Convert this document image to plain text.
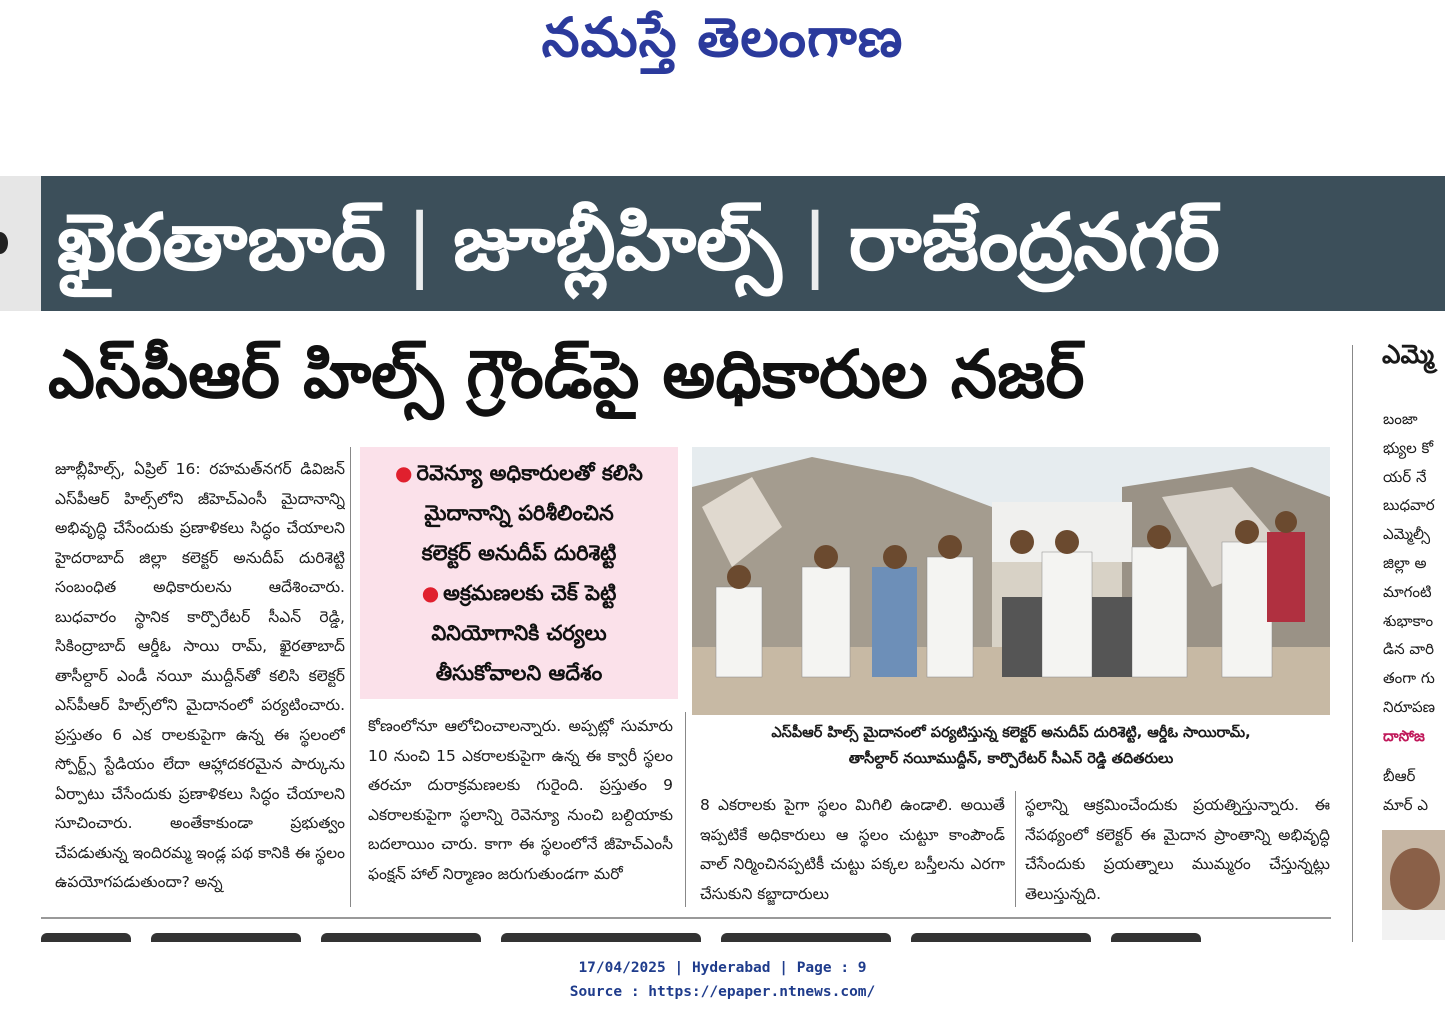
నమస్తే తెలంగాణ
ఖైరతాబాద్ | జూబ్లీహిల్స్ | రాజేంద్రనగర్
ఎస్‌పీఆర్ హిల్స్ గ్రౌండ్‌పై అధికారుల నజర్

జూబ్లీహిల్స్, ఏప్రిల్ 16: రహమత్‌నగర్ డివిజన్ ఎస్‌పీఆర్ హిల్స్‌లోని జీహెచ్‌ఎంసీ మైదానాన్ని అభివృద్ధి చేసేందుకు ప్రణాళికలు సిద్ధం చేయాలని హైదరాబాద్ జిల్లా కలెక్టర్ అనుదీప్ దురిశెట్టి సంబంధిత అధికారులను ఆదేశించారు. బుధవారం స్థానిక కార్పొరేటర్ సీఎన్ రెడ్డి, సికింద్రాబాద్ ఆర్డీఓ సాయి రామ్, ఖైరతాబాద్ తాసీల్దార్ ఎండీ నయీ ముద్దీన్‌తో కలిసి కలెక్టర్ ఎస్‌పీఆర్ హిల్స్‌లోని మైదానంలో పర్యటించారు. ప్రస్తుతం 6 ఎక రాలకుపైగా ఉన్న ఈ స్థలంలో స్పోర్ట్స్ స్టేడియం లేదా ఆహ్లాదకరమైన పార్కును ఏర్పాటు చేసేందుకు ప్రణాళికలు సిద్ధం చేయాలని సూచించారు. అంతేకాకుండా ప్రభుత్వం చేపడుతున్న ఇందిరమ్మ ఇండ్ల పథ కానికి ఈ స్థలం ఉపయోగపడుతుందా? అన్న

● రెవెన్యూ అధికారులతో కలిసి
మైదానాన్ని పరిశీలించిన
కలెక్టర్ అనుదీప్ దురిశెట్టి
● అక్రమణలకు చెక్ పెట్టి
వినియోగానికి చర్యలు
తీసుకోవాలని ఆదేశం

కోణంలోనూ ఆలోచించాలన్నారు. అప్పట్లో సుమారు 10 నుంచి 15 ఎకరాలకుపైగా ఉన్న ఈ క్వారీ స్థలం తరచూ దురాక్రమణలకు గురైంది. ప్రస్తుతం 9 ఎకరాలకుపైగా స్థలాన్ని రెవెన్యూ నుంచి బల్దియాకు బదలాయిం చారు. కాగా ఈ స్థలంలోనే జీహెచ్‌ఎంసీ ఫంక్షన్ హాల్ నిర్మాణం జరుగుతుండగా మరో

ఎస్‌పీఆర్ హిల్స్ మైదానంలో పర్యటిస్తున్న కలెక్టర్ అనుదీప్ దురిశెట్టి, ఆర్డీఓ సాయిరామ్,
తాసీల్దార్ నయీముద్దీన్, కార్పొరేటర్ సీఎన్ రెడ్డి తదితరులు

8 ఎకరాలకు పైగా స్థలం మిగిలి ఉండాలి. అయితే ఇప్పటికే అధికారులు ఆ స్థలం చుట్టూ కాంపౌండ్ వాల్ నిర్మించినప్పటికీ చుట్టు పక్కల బస్తీలను ఎరగా చేసుకుని కబ్జాదారులు

స్థలాన్ని ఆక్రమించేందుకు ప్రయత్నిస్తున్నారు. ఈ నేపథ్యంలో కలెక్టర్ ఈ మైదాన ప్రాంతాన్ని అభివృద్ధి చేసేందుకు ప్రయత్నాలు ముమ్మరం చేస్తున్నట్లు తెలుస్తున్నది.

ఎమ్మె
బంజా
భ్యుల కో
యర్ నే
బుధవార
ఎమ్మెల్సీ
జిల్లా అ
మాగంటి
శుభాకాం
డిన వారి
తంగా గు
నిరూపణ
దాసోజ
బీఆర్
మార్ ఎ
17/04/2025 | Hyderabad | Page : 9
Source : https://epaper.ntnews.com/
